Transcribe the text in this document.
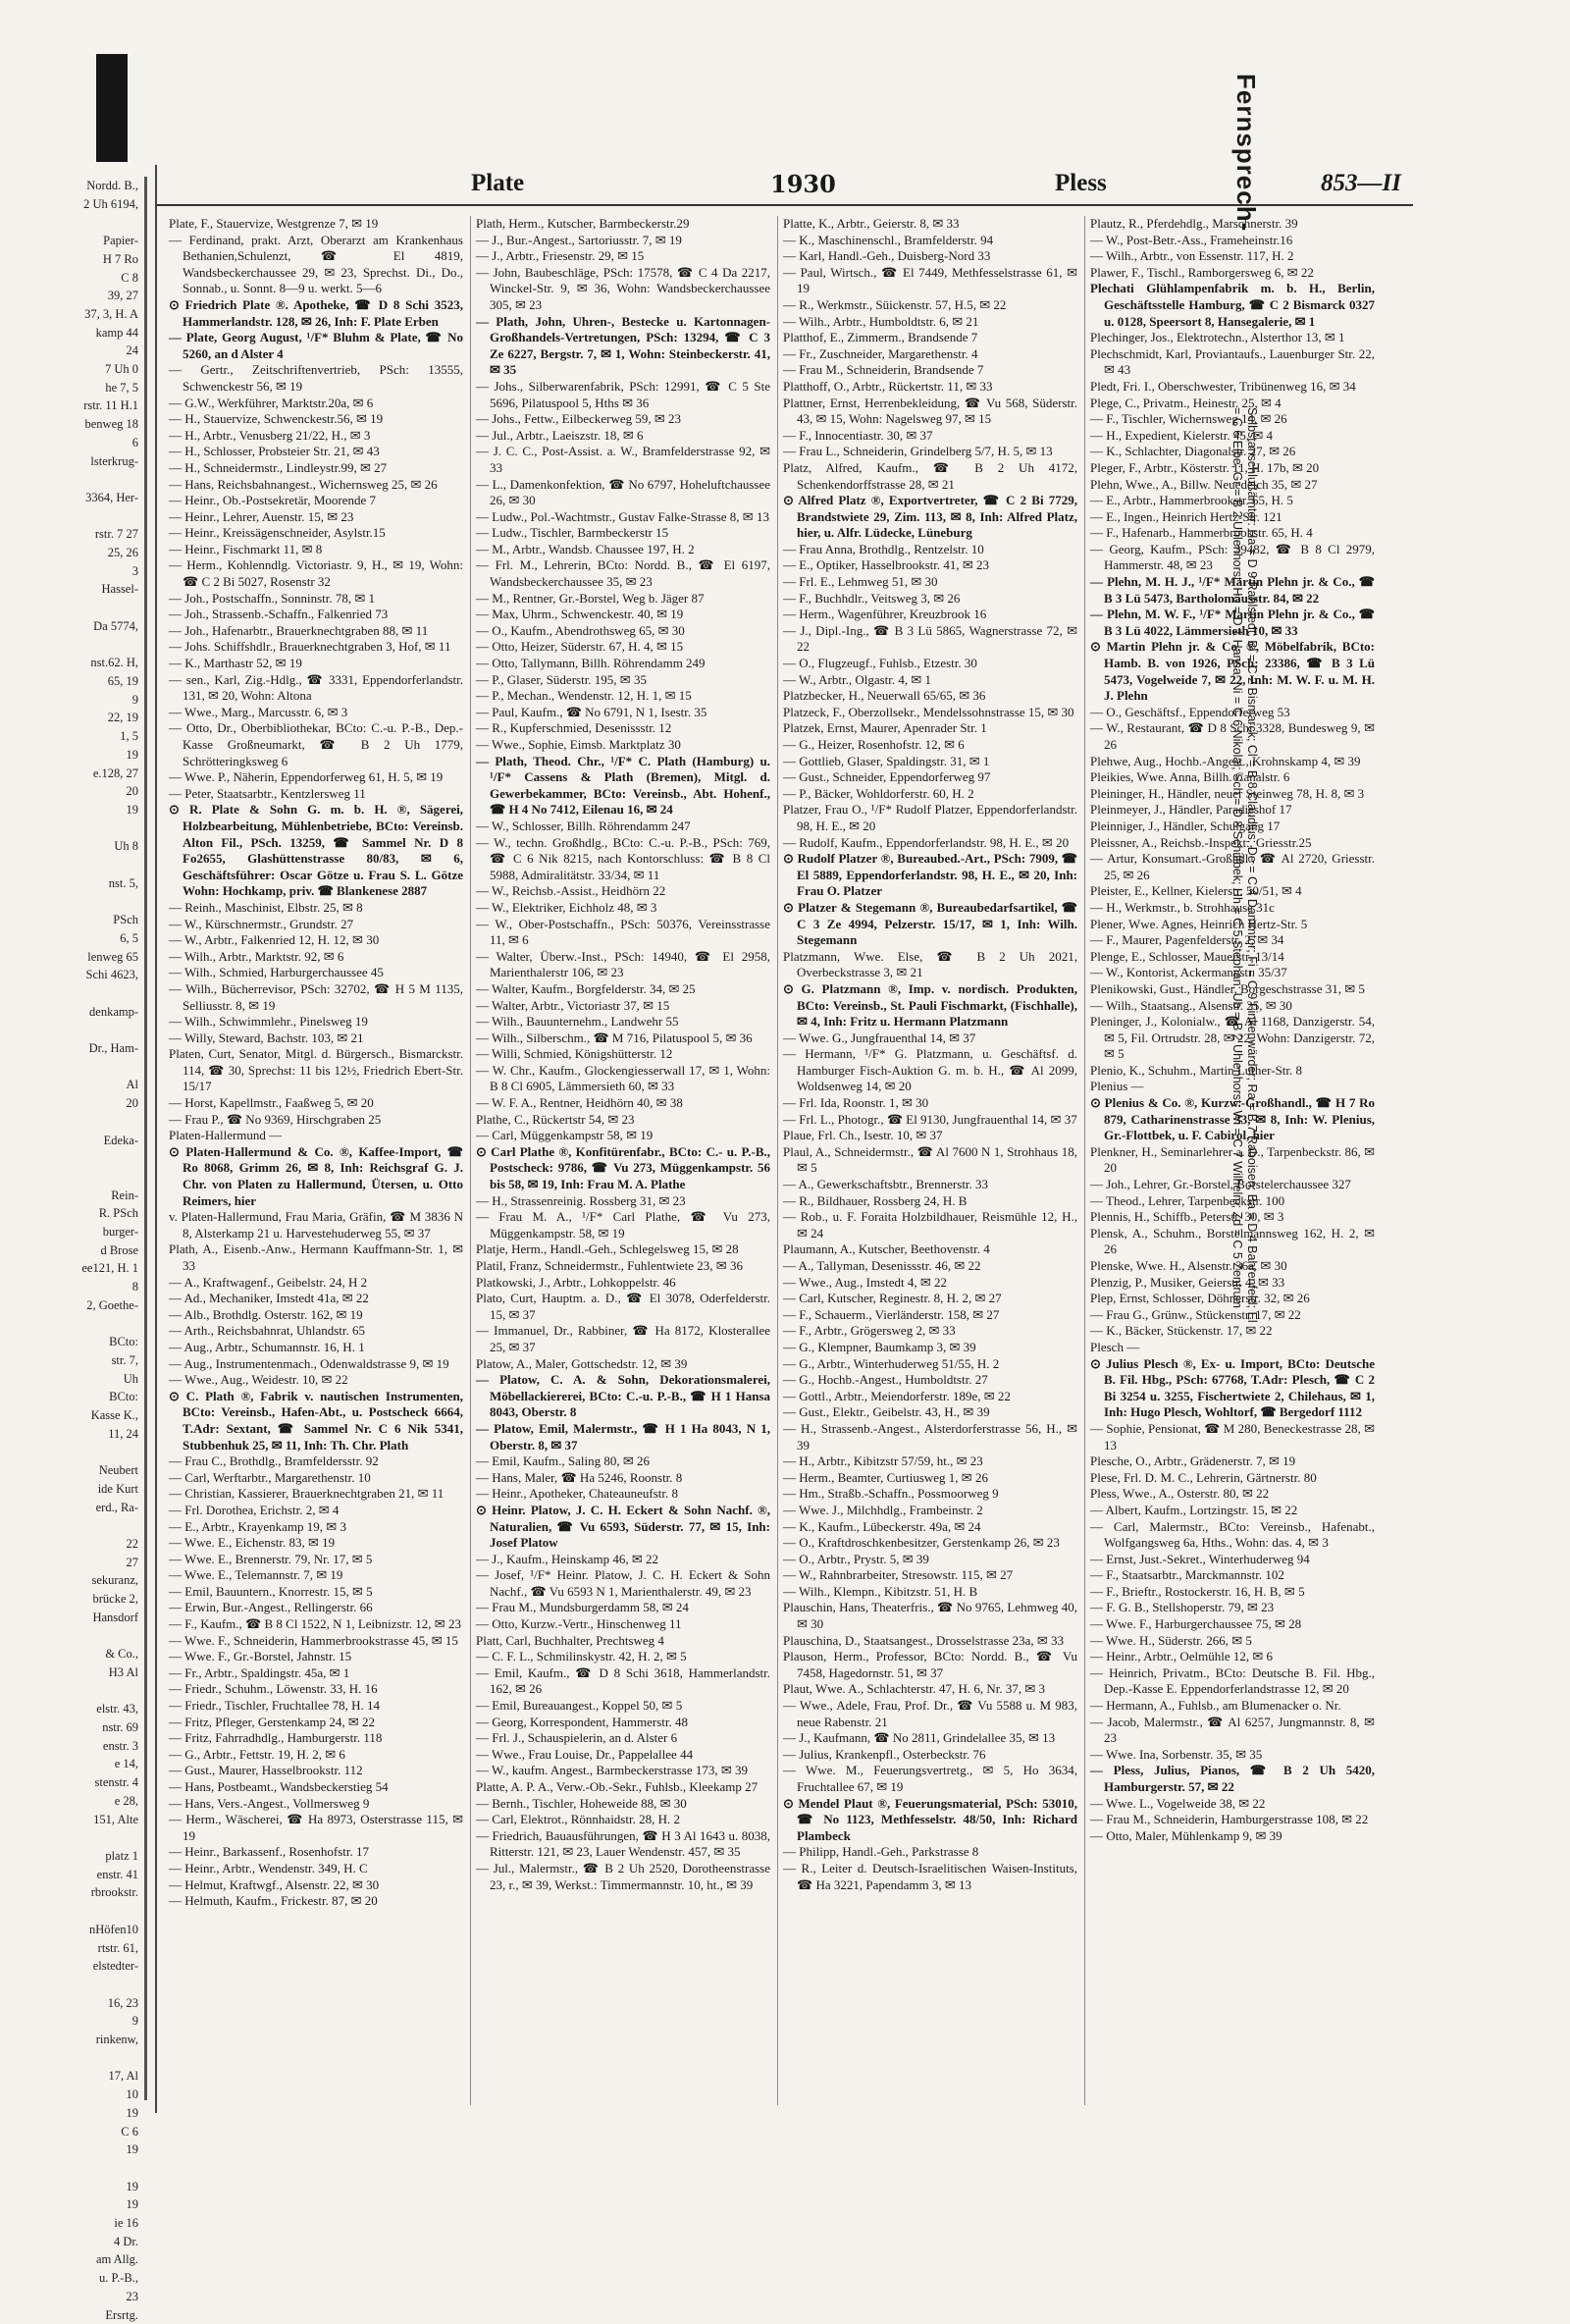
Nordd. B.,
2 Uh 6194,

Papier-
H 7 Ro
C 8
39, 27
37, 3, H. A
kamp 44
24
7 Uh 0
he 7, 5
rstr. 11 H.1
benweg 18
6
lsterkrug-

3364, Her-

rstr. 7 27
25, 26
3
Hassel-

Da 5774,

nst.62. H,
65, 19
9
22, 19
1, 5
19
e.128, 27
20
19

Uh 8

nst. 5,

PSch
6, 5
lenweg 65
Schi 4623,

denkamp-

Dr., Ham-

Al
20

Edeka-

Rein-
R. PSch
burger-
d Brose
ee121, H. 1
8
2, Goethe-

BCto:
str. 7,
Uh
BCto:
Kasse K.,
11, 24

Neubert
ide Kurt
erd., Ra-

22
27
sekuranz,
brücke 2,
Hansdorf

& Co.,
H3 Al

elstr. 43,
nstr. 69
enstr. 3
e 14,
stenstr. 4
e 28,
151, Alte

platz 1
enstr. 41
rbrookstr.

nHöfen10
rtstr. 61,
elstedter-

16, 23
9
rinkenw,

17, Al
10
19
C 6
19

19
19
ie 16
4 Dr.
am Allg.
u. P.-B.,
23
Ersrtg.
Plate	1930	Pless	853—II

Plate, F., Stauervize, Westgrenze 7, ✉ 19

— Ferdinand, prakt. Arzt, Oberarzt am Krankenhaus Bethanien,Schulenzt, ☎ El 4819, Wandsbeckerchaussee 29, ✉ 23, Sprechst. Di., Do., Sonnab., u. Sonnt. 8—9 u. werkt. 5—6

⊙ Friedrich Plate ®. Apotheke, ☎ D 8 Schi 3523, Hammerlandstr. 128, ✉ 26, Inh: F. Plate Erben

— Plate, Georg August, ¹/F* Bluhm & Plate, ☎ No 5260, an d Alster 4

— Gertr., Zeitschriftenvertrieb, PSch: 13555, Schwenckestr 56, ✉ 19

— G.W., Werkführer, Marktstr.20a, ✉ 6

— H., Stauervize, Schwenckestr.56, ✉ 19

— H., Arbtr., Venusberg 21/22, H., ✉ 3

— H., Schlosser, Probsteier Str. 21, ✉ 43

— H., Schneidermstr., Lindleystr.99, ✉ 27

— Hans, Reichsbahnangest., Wichernsweg 25, ✉ 26

— Heinr., Ob.-Postsekretär, Moorende 7

— Heinr., Lehrer, Auenstr. 15, ✉ 23

— Heinr., Kreissägenschneider, Asylstr.15

— Heinr., Fischmarkt 11, ✉ 8

— Herm., Kohlenndlg. Victoriastr. 9, H., ✉ 19, Wohn: ☎ C 2 Bi 5027, Rosenstr 32

— Joh., Postschaffn., Sonninstr. 78, ✉ 1

— Joh., Strassenb.-Schaffn., Falkenried 73

— Joh., Hafenarbtr., Brauerknechtgraben 88, ✉ 11

— Johs. Schiffshdlr., Brauerknechtgraben 3, Hof, ✉ 11

— K., Marthastr 52, ✉ 19

— sen., Karl, Zig.-Hdlg., ☎ 3331, Eppendorferlandstr. 131, ✉ 20, Wohn: Altona

— Wwe., Marg., Marcusstr. 6, ✉ 3

— Otto, Dr., Oberbibliothekar, BCto: C.-u. P.-B., Dep.-Kasse Großneumarkt, ☎ B 2 Uh 1779, Schrötteringksweg 6

— Wwe. P., Näherin, Eppendorferweg 61, H. 5, ✉ 19

— Peter, Staatsarbtr., Kentzlersweg 11

⊙ R. Plate & Sohn G. m. b. H. ®, Sägerei, Holzbearbeitung, Mühlenbetriebe, BCto: Vereinsb. Alton Fil., PSch. 13259, ☎ Sammel Nr. D 8 Fo2655, Glashüttenstrasse 80/83, ✉ 6, Geschäftsführer: Oscar Götze u. Frau S. L. Götze Wohn: Hochkamp, priv. ☎ Blankenese 2887

— Reinh., Maschinist, Elbstr. 25, ✉ 8

— W., Kürschnermstr., Grundstr. 27

— W., Arbtr., Falkenried 12, H. 12, ✉ 30

— Wilh., Arbtr., Marktstr. 92, ✉ 6

— Wilh., Schmied, Harburgerchaussee 45

— Wilh., Bücherrevisor, PSch: 32702, ☎ H 5 M 1135, Selliusstr. 8, ✉ 19

— Wilh., Schwimmlehr., Pinelsweg 19

— Willy, Steward, Bachstr. 103, ✉ 21

Platen, Curt, Senator, Mitgl. d. Bürgersch., Bismarckstr. 114, ☎ 30, Sprechst: 11 bis 12½, Friedrich Ebert-Str. 15/17

— Horst, Kapellmstr., Faaßweg 5, ✉ 20

— Frau P., ☎ No 9369, Hirschgraben 25

Platen-Hallermund —

⊙ Platen-Hallermund & Co. ®, Kaffee-Import, ☎ Ro 8068, Grimm 26, ✉ 8, Inh: Reichsgraf G. J. Chr. von Platen zu Hallermund, Ütersen, u. Otto Reimers, hier

v. Platen-Hallermund, Frau Maria, Gräfin, ☎ M 3836 N 8, Alsterkamp 21 u. Harvestehuderweg 55, ✉ 37

Plath, A., Eisenb.-Anw., Hermann Kauffmann-Str. 1, ✉ 33

— A., Kraftwagenf., Geibelstr. 24, H 2

— Ad., Mechaniker, Imstedt 41a, ✉ 22

— Alb., Brothdlg. Osterstr. 162, ✉ 19

— Arth., Reichsbahnrat, Uhlandstr. 65

— Aug., Arbtr., Schumannstr. 16, H. 1

— Aug., Instrumentenmach., Odenwaldstrasse 9, ✉ 19

— Wwe., Aug., Weidestr. 10, ✉ 22

⊙ C. Plath ®, Fabrik v. nautischen Instrumenten, BCto: Vereinsb., Hafen-Abt., u. Postscheck 6664, T.Adr: Sextant, ☎ Sammel Nr. C 6 Nik 5341, Stubbenhuk 25, ✉ 11, Inh: Th. Chr. Plath

— Frau C., Brothdlg., Bramfeldersstr. 92

— Carl, Werftarbtr., Margarethenstr. 10

— Christian, Kassierer, Brauerknechtgraben 21, ✉ 11

— Frl. Dorothea, Erichstr. 2, ✉ 4

— E., Arbtr., Krayenkamp 19, ✉ 3

— Wwe. E., Eichenstr. 83, ✉ 19

— Wwe. E., Brennerstr. 79, Nr. 17, ✉ 5

— Wwe. E., Telemannstr. 7, ✉ 19

— Emil, Bauuntern., Knorrestr. 15, ✉ 5

— Erwin, Bur.-Angest., Rellingerstr. 66

— F., Kaufm., ☎ B 8 Cl 1522, N 1, Leibnizstr. 12, ✉ 23

— Wwe. F., Schneiderin, Hammerbrookstrasse 45, ✉ 15

— Wwe. F., Gr.-Borstel, Jahnstr. 15

— Fr., Arbtr., Spaldingstr. 45a, ✉ 1

— Friedr., Schuhm., Löwenstr. 33, H. 16

— Friedr., Tischler, Fruchtallee 78, H. 14

— Fritz, Pfleger, Gerstenkamp 24, ✉ 22

— Fritz, Fahrradhdlg., Hamburgerstr. 118

— G., Arbtr., Fettstr. 19, H. 2, ✉ 6

— Gust., Maurer, Hasselbrookstr. 112

— Hans, Postbeamt., Wandsbeckerstieg 54

— Hans, Vers.-Angest., Vollmersweg 9

— Herm., Wäscherei, ☎ Ha 8973, Osterstrasse 115, ✉ 19

— Heinr., Barkassenf., Rosenhofstr. 17

— Heinr., Arbtr., Wendenstr. 349, H. C

— Helmut, Kraftwgf., Alsenstr. 22, ✉ 30

— Helmuth, Kaufm., Frickestr. 87, ✉ 20

Plath, Herm., Kutscher, Barmbeckerstr.29

— J., Bur.-Angest., Sartoriusstr. 7, ✉ 19

— J., Arbtr., Friesenstr. 29, ✉ 15

— John, Baubeschläge, PSch: 17578, ☎ C 4 Da 2217, Winckel-Str. 9, ✉ 36, Wohn: Wandsbeckerchaussee 305, ✉ 23

— Plath, John, Uhren-, Bestecke u. Kartonnagen-Großhandels-Vertretungen, PSch: 13294, ☎ C 3 Ze 6227, Bergstr. 7, ✉ 1, Wohn: Steinbeckerstr. 41, ✉ 35

— Johs., Silberwarenfabrik, PSch: 12991, ☎ C 5 Ste 5696, Pilatuspool 5, Hths ✉ 36

— Johs., Fettw., Eilbeckerweg 59, ✉ 23

— Jul., Arbtr., Laeiszstr. 18, ✉ 6

— J. C. C., Post-Assist. a. W., Bramfelderstrasse 92, ✉ 33

— L., Damenkonfektion, ☎ No 6797, Hoheluftchaussee 26, ✉ 30

— Ludw., Pol.-Wachtmstr., Gustav Falke-Strasse 8, ✉ 13

— Ludw., Tischler, Barmbeckerstr 15

— M., Arbtr., Wandsb. Chaussee 197, H. 2

— Frl. M., Lehrerin, BCto: Nordd. B., ☎ El 6197, Wandsbeckerchaussee 35, ✉ 23

— M., Rentner, Gr.-Borstel, Weg b. Jäger 87

— Max, Uhrm., Schwenckestr. 40, ✉ 19

— O., Kaufm., Abendrothsweg 65, ✉ 30

— Otto, Heizer, Süderstr. 67, H. 4, ✉ 15

— Otto, Tallymann, Billh. Röhrendamm 249

— P., Glaser, Süderstr. 195, ✉ 35

— P., Mechan., Wendenstr. 12, H. 1, ✉ 15

— Paul, Kaufm., ☎ No 6791, N 1, Isestr. 35

— R., Kupferschmied, Desenissstr. 12

— Wwe., Sophie, Eimsb. Marktplatz 30

— Plath, Theod. Chr., ¹/F* C. Plath (Hamburg) u. ¹/F* Cassens & Plath (Bremen), Mitgl. d. Gewerbekammer, BCto: Vereinsb., Abt. Hohenf., ☎ H 4 No 7412, Eilenau 16, ✉ 24

— W., Schlosser, Billh. Röhrendamm 247

— W., techn. Großhdlg., BCto: C.-u. P.-B., PSch: 769, ☎ C 6 Nik 8215, nach Kontorschluss: ☎ B 8 Cl 5988, Admiralitätstr. 33/34, ✉ 11

— W., Reichsb.-Assist., Heidhörn 22

— W., Elektriker, Eichholz 48, ✉ 3

— W., Ober-Postschaffn., PSch: 50376, Vereinsstrasse 11, ✉ 6

— Walter, Überw.-Inst., PSch: 14940, ☎ El 2958, Marienthalerstr 106, ✉ 23

— Walter, Kaufm., Borgfelderstr. 34, ✉ 25

— Walter, Arbtr., Victoriastr 37, ✉ 15

— Wilh., Bauunternehm., Landwehr 55

— Wilh., Silberschm., ☎ M 716, Pilatuspool 5, ✉ 36

— Willi, Schmied, Königshütterstr. 12

— W. Chr., Kaufm., Glockengiesserwall 17, ✉ 1, Wohn: B 8 Cl 6905, Lämmersieth 60, ✉ 33

— W. F. A., Rentner, Heidhörn 40, ✉ 38

Plathe, C., Rückertstr 54, ✉ 23

— Carl, Müggenkampstr 58, ✉ 19

⊙ Carl Plathe ®, Konfitürenfabr., BCto: C.- u. P.-B., Postscheck: 9786, ☎ Vu 273, Müggenkampstr. 56 bis 58, ✉ 19, Inh: Frau M. A. Plathe

— H., Strassenreinig. Rossberg 31, ✉ 23

— Frau M. A., ¹/F* Carl Plathe, ☎ Vu 273, Müggenkampstr. 58, ✉ 19

Platje, Herm., Handl.-Geh., Schlegelsweg 15, ✉ 28

Platil, Franz, Schneidermstr., Fuhlentwiete 23, ✉ 36

Platkowski, J., Arbtr., Lohkoppelstr. 46

Plato, Curt, Hauptm. a. D., ☎ El 3078, Oderfelderstr. 15, ✉ 37

— Immanuel, Dr., Rabbiner, ☎ Ha 8172, Klosterallee 25, ✉ 37

Platow, A., Maler, Gottschedstr. 12, ✉ 39

— Platow, C. A. & Sohn, Dekorationsmalerei, Möbellackiererei, BCto: C.-u. P.-B., ☎ H 1 Hansa 8043, Oberstr. 8

— Platow, Emil, Malermstr., ☎ H 1 Ha 8043, N 1, Oberstr. 8, ✉ 37

— Emil, Kaufm., Saling 80, ✉ 26

— Hans, Maler, ☎ Ha 5246, Roonstr. 8

— Heinr., Apotheker, Chateauneufstr. 8

⊙ Heinr. Platow, J. C. H. Eckert & Sohn Nachf. ®, Naturalien, ☎ Vu 6593, Süderstr. 77, ✉ 15, Inh: Josef Platow

— J., Kaufm., Heinskamp 46, ✉ 22

— Josef, ¹/F* Heinr. Platow, J. C. H. Eckert & Sohn Nachf., ☎ Vu 6593 N 1, Marienthalerstr. 49, ✉ 23

— Frau M., Mundsburgerdamm 58, ✉ 24

— Otto, Kurzw.-Vertr., Hinschenweg 11

Platt, Carl, Buchhalter, Prechtsweg 4

— C. F. L., Schmilinskystr. 42, H. 2, ✉ 5

— Emil, Kaufm., ☎ D 8 Schi 3618, Hammerlandstr. 162, ✉ 26

— Emil, Bureauangest., Koppel 50, ✉ 5

— Georg, Korrespondent, Hammerstr. 48

— Frl. J., Schauspielerin, an d. Alster 6

— Wwe., Frau Louise, Dr., Pappelallee 44

— W., kaufm. Angest., Barmbeckerstrasse 173, ✉ 39

Platte, A. P. A., Verw.-Ob.-Sekr., Fuhlsb., Kleekamp 27

— Bernh., Tischler, Hoheweide 88, ✉ 30

— Carl, Elektrot., Rönnhaidstr. 28, H. 2

— Friedrich, Bauausführungen, ☎ H 3 Al 1643 u. 8038, Ritterstr. 121, ✉ 23, Lauer Wendenstr. 457, ✉ 35

— Jul., Malermstr., ☎ B 2 Uh 2520, Dorotheenstrasse 23, r., ✉ 39, Werkst.: Timmermannstr. 10, ht., ✉ 39

Platte, K., Arbtr., Geierstr. 8, ✉ 33

— K., Maschinenschl., Bramfelderstr. 94

— Karl, Handl.-Geh., Duisberg-Nord 33

— Paul, Wirtsch., ☎ El 7449, Methfesselstrasse 61, ✉ 19

— R., Werkmstr., Süickenstr. 57, H.5, ✉ 22

— Wilh., Arbtr., Humboldtstr. 6, ✉ 21

Platthof, E., Zimmerm., Brandsende 7

— Fr., Zuschneider, Margarethenstr. 4

— Frau M., Schneiderin, Brandsende 7

Platthoff, O., Arbtr., Rückertstr. 11, ✉ 33

Plattner, Ernst, Herrenbekleidung, ☎ Vu 568, Süderstr. 43, ✉ 15, Wohn: Nagelsweg 97, ✉ 15

— F., Innocentiastr. 30, ✉ 37

— Frau L., Schneiderin, Grindelberg 5/7, H. 5, ✉ 13

Platz, Alfred, Kaufm., ☎ B 2 Uh 4172, Schenkendorffstrasse 28, ✉ 21

⊙ Alfred Platz ®, Exportvertreter, ☎ C 2 Bi 7729, Brandstwiete 29, Zim. 113, ✉ 8, Inh: Alfred Platz, hier, u. Alfr. Lüdecke, Lüneburg

— Frau Anna, Brothdlg., Rentzelstr. 10

— E., Optiker, Hasselbrookstr. 41, ✉ 23

— Frl. E., Lehmweg 51, ✉ 30

— F., Buchhdlr., Veitsweg 3, ✉ 26

— Herm., Wagenführer, Kreuzbrook 16

— J., Dipl.-Ing., ☎ B 3 Lü 5865, Wagnerstrasse 72, ✉ 22

— O., Flugzeugf., Fuhlsb., Etzestr. 30

— W., Arbtr., Olgastr. 4, ✉ 1

Platzbecker, H., Neuerwall 65/65, ✉ 36

Platzeck, F., Oberzollsekr., Mendelssohnstrasse 15, ✉ 30

Platzek, Ernst, Maurer, Apenrader Str. 1

— G., Heizer, Rosenhofstr. 12, ✉ 6

— Gottlieb, Glaser, Spaldingstr. 31, ✉ 1

— Gust., Schneider, Eppendorferweg 97

— P., Bäcker, Wohldorferstr. 60, H. 2

Platzer, Frau O., ¹/F* Rudolf Platzer, Eppendorferlandstr. 98, H. E., ✉ 20

— Rudolf, Kaufm., Eppendorferlandstr. 98, H. E., ✉ 20

⊙ Rudolf Platzer ®, Bureaubed.-Art., PSch: 7909, ☎ El 5889, Eppendorferlandstr. 98, H. E., ✉ 20, Inh: Frau O. Platzer

⊙ Platzer & Stegemann ®, Bureaubedarfsartikel, ☎ C 3 Ze 4994, Pelzerstr. 15/17, ✉ 1, Inh: Wilh. Stegemann

Platzmann, Wwe. Else, ☎ B 2 Uh 2021, Overbeckstrasse 3, ✉ 21

⊙ G. Platzmann ®, Imp. v. nordisch. Produkten, BCto: Vereinsb., St. Pauli Fischmarkt, (Fischhalle), ✉ 4, Inh: Fritz u. Hermann Platzmann

— Wwe. G., Jungfrauenthal 14, ✉ 37

— Hermann, ¹/F* G. Platzmann, u. Geschäftsf. d. Hamburger Fisch-Auktion G. m. b. H., ☎ Al 2099, Woldsenweg 14, ✉ 20

— Frl. Ida, Roonstr. 1, ✉ 30

— Frl. L., Photogr., ☎ El 9130, Jungfrauenthal 14, ✉ 37

Plaue, Frl. Ch., Isestr. 10, ✉ 37

Plaul, A., Schneidermstr., ☎ Al 7600 N 1, Strohhaus 18, ✉ 5

— A., Gewerkschaftsbtr., Brennerstr. 33

— R., Bildhauer, Rossberg 24, H. B

— Rob., u. F. Foraita Holzbildhauer, Reismühle 12, H., ✉ 24

Plaumann, A., Kutscher, Beethovenstr. 4

— A., Tallyman, Desenissstr. 46, ✉ 22

— Wwe., Aug., Imstedt 4, ✉ 22

— Carl, Kutscher, Reginestr. 8, H. 2, ✉ 27

— F., Schauerm., Vierländerstr. 158, ✉ 27

— F., Arbtr., Grögersweg 2, ✉ 33

— G., Klempner, Baumkamp 3, ✉ 39

— G., Arbtr., Winterhuderweg 51/55, H. 2

— G., Hochb.-Angest., Humboldtstr. 27

— Gottl., Arbtr., Meiendorferstr. 189e, ✉ 22

— Gust., Elektr., Geibelstr. 43, H., ✉ 39

— H., Strassenb.-Angest., Alsterdorferstrasse 56, H., ✉ 39

— H., Arbtr., Kibitzstr 57/59, ht., ✉ 23

— Herm., Beamter, Curtiusweg 1, ✉ 26

— Hm., Straßb.-Schaffn., Possmoorweg 9

— Wwe. J., Milchhdlg., Frambeinstr. 2

— K., Kaufm., Lübeckerstr. 49a, ✉ 24

— O., Kraftdroschkenbesitzer, Gerstenkamp 26, ✉ 23

— O., Arbtr., Prystr. 5, ✉ 39

— W., Rahnbrarbeiter, Stresowstr. 115, ✉ 27

— Wilh., Klempn., Kibitzstr. 51, H. B

Plauschin, Hans, Theaterfris., ☎ No 9765, Lehmweg 40, ✉ 30

Plauschina, D., Staatsangest., Drosselstrasse 23a, ✉ 33

Plauson, Herm., Professor, BCto: Nordd. B., ☎ Vu 7458, Hagedornstr. 51, ✉ 37

Plaut, Wwe. A., Schlachterstr. 47, H. 6, Nr. 37, ✉ 3

— Wwe., Adele, Frau, Prof. Dr., ☎ Vu 5588 u. M 983, neue Rabenstr. 21

— J., Kaufmann, ☎ No 2811, Grindelallee 35, ✉ 13

— Julius, Krankenpfl., Osterbeckstr. 76

— Wwe. M., Feuerungsvertretg., ✉ 5, Ho 3634, Fruchtallee 67, ✉ 19

⊙ Mendel Plaut ®, Feuerungsmaterial, PSch: 53010, ☎ No 1123, Methfesselstr. 48/50, Inh: Richard Plambeck

— Philipp, Handl.-Geh., Parkstrasse 8

— R., Leiter d. Deutsch-Israelitischen Waisen-Instituts, ☎ Ha 3221, Papendamm 3, ✉ 13

Plautz, R., Pferdehdlg., Marschnerstr. 39

— W., Post-Betr.-Ass., Frameheinstr.16

— Wilh., Arbtr., von Essenstr. 117, H. 2

Plawer, F., Tischl., Ramborgersweg 6, ✉ 22

Plechati Glühlampenfabrik m. b. H., Berlin, Geschäftsstelle Hamburg, ☎ C 2 Bismarck 0327 u. 0128, Speersort 8, Hansegalerie, ✉ 1

Plechinger, Jos., Elektrotechn., Alsterthor 13, ✉ 1

Plechschmidt, Karl, Proviantaufs., Lauenburger Str. 22, ✉ 43

Pledt, Fri. I., Oberschwester, Tribünenweg 16, ✉ 34

Plege, C., Privatm., Heinestr. 25, ✉ 4

— F., Tischler, Wichernsweg 14, ✉ 26

— H., Expedient, Kielerstr. 45, ✉ 4

— K., Schlachter, Diagonalstr. 27, ✉ 26

Pleger, F., Arbtr., Kösterstr. 11, H. 17b, ✉ 20

Plehn, Wwe., A., Billw. Neuedeich 35, ✉ 27

— E., Arbtr., Hammerbrookstr. 65, H. 5

— E., Ingen., Heinrich Hertz-Str. 121

— F., Hafenarb., Hammerbrookstr. 65, H. 4

— Georg, Kaufm., PSch: 39482, ☎ B 8 Cl 2979, Hammerstr. 48, ✉ 23

— Plehn, M. H. J., ¹/F* Martin Plehn jr. & Co., ☎ B 3 Lü 5473, Bartholomäusstr. 84, ✉ 22

— Plehn, M. W. F., ¹/F* Martin Plehn jr. & Co., ☎ B 3 Lü 4022, Lämmersieth 10, ✉ 33

⊙ Martin Plehn jr. & Co. ®, Möbelfabrik, BCto: Hamb. B. von 1926, PSch: 23386, ☎ B 3 Lü 5473, Vogelweide 7, ✉ 22, Inh: M. W. F. u. M. H. J. Plehn

— O., Geschäftsf., Eppendorferweg 53

— W., Restaurant, ☎ D 8 Schi 3328, Bundesweg 9, ✉ 26

Plehwe, Aug., Hochb.-Angest., Krohnskamp 4, ✉ 39

Pleikies, Wwe. Anna, Billh. Canalstr. 6

Pleininger, H., Händler, neuer Steinweg 78, H. 8, ✉ 3

Pleinmeyer, J., Händler, Paradieshof 17

Pleinniger, J., Händler, Schulgang 17

Pleissner, A., Reichsb.-Inspekt., Griesstr.25

— Artur, Konsumart.-Großhdl., ☎ Al 2720, Griesstr. 25, ✉ 26

Pleister, E., Kellner, Kielerstr. 50/51, ✉ 4

— H., Werkmstr., b. Strohhause 31c

Plener, Wwe. Agnes, Heinrich Hertz-Str. 5

— F., Maurer, Pagenfelderstr. 2, ✉ 34

Plenge, E., Schlosser, Mauerstr. 13/14

— W., Kontorist, Ackermannstr. 35/37

Plenikowski, Gust., Händler, Borgeschstrasse 31, ✉ 5

— Wilh., Staatsang., Alsenstr. 25, ✉ 30

Pleninger, J., Kolonialw., ☎ Al 1168, Danzigerstr. 54, ✉ 5, Fil. Ortrudstr. 28, ✉ 22, Wohn: Danzigerstr. 72, ✉ 5

Plenio, K., Schuhm., Martin Luther-Str. 8

Plenius —

⊙ Plenius & Co. ®, Kurzw.-Großhandl., ☎ H 7 Ro 879, Catharinenstrasse 33, ✉ 8, Inh: W. Plenius, Gr.-Flottbek, u. F. Cabirol, hier

Plenkner, H., Seminarlehrer a. D., Tarpenbeckstr. 86, ✉ 20

— Joh., Lehrer, Gr.-Borstel, Borstelerchaussee 327

— Theod., Lehrer, Tarpenbeckstr. 100

Plennis, H., Schiffb., Peterstr. 30, ✉ 3

Plensk, A., Schuhm., Borstelmannsweg 162, H. 2, ✉ 26

Plenske, Wwe. H., Alsenstr. 36a, ✉ 30

Plenzig, P., Musiker, Geierstr. 4, ✉ 33

Plep, Ernst, Schlosser, Döhnerstr. 32, ✉ 26

— Frau G., Grünw., Stückenstr. 17, ✉ 22

— K., Bäcker, Stückenstr. 17, ✉ 22

Plesch —

⊙ Julius Plesch ®, Ex- u. Import, BCto: Deutsche B. Fil. Hbg., PSch: 67768, T.Adr: Plesch, ☎ C 2 Bi 3254 u. 3255, Fischertwiete 2, Chilehaus, ✉ 1, Inh: Hugo Plesch, Wohltorf, ☎ Bergedorf 1112

— Sophie, Pensionat, ☎ M 280, Beneckestrasse 28, ✉ 13

Plesche, O., Arbtr., Grädenerstr. 7, ✉ 19

Plese, Frl. D. M. C., Lehrerin, Gärtnerstr. 80

Pless, Wwe., A., Osterstr. 80, ✉ 22

— Albert, Kaufm., Lortzingstr. 15, ✉ 22

— Carl, Malermstr., BCto: Vereinsb., Hafenabt., Wolfgangsweg 6a, Hths., Wohn: das. 4, ✉ 3

— Ernst, Just.-Sekret., Winterhuderweg 94

— F., Staatsarbtr., Marckmannstr. 102

— F., Brieftr., Rostockerstr. 16, H. B, ✉ 5

— F. G. B., Stellshoperstr. 79, ✉ 23

— Wwe. F., Harburgerchaussee 75, ✉ 28

— Wwe. H., Süderstr. 266, ✉ 5

— Heinr., Arbtr., Oelmühle 12, ✉ 6

— Heinrich, Privatm., BCto: Deutsche B. Fil. Hbg., Dep.-Kasse E. Eppendorferlandstrasse 12, ✉ 20

— Hermann, A., Fuhlsb., am Blumenacker o. Nr.

— Jacob, Malermstr., ☎ Al 6257, Jungmannstr. 8, ✉ 23

— Wwe. Ina, Sorbenstr. 35, ✉ 35

— Pless, Julius, Pianos, ☎ B 2 Uh 5420, Hamburgerstr. 57, ✉ 22

— Wwe. L., Vogelweide 38, ✉ 22

— Frau M., Schneiderin, Hamburgerstrasse 108, ✉ 22

— Otto, Maler, Mühlenkamp 9, ✉ 39

Fernsprech-
Selbstanschlußämter: Ha = D 9 Rahlstedt; Bl = C 2 Bismarck; Cl = B 8 Claudius; De = C 4 Dammtor; Fi = C 9 Finkenwärder; Ra = B 7 Raboisen; Ba = D 4 Bahrenfeld; El = C 6 Elbe; Gr = B 2 Uhlenhorst; Ho = D 1 Hansa; Ni = C 6 Nikolai; Sch = D 8 Schiffbek; Hh = C 5 Stephan; Ub = B 2 Uhlenhorst; Wi = C 7 Wilhelm; Zd = C 5 Zentrum
